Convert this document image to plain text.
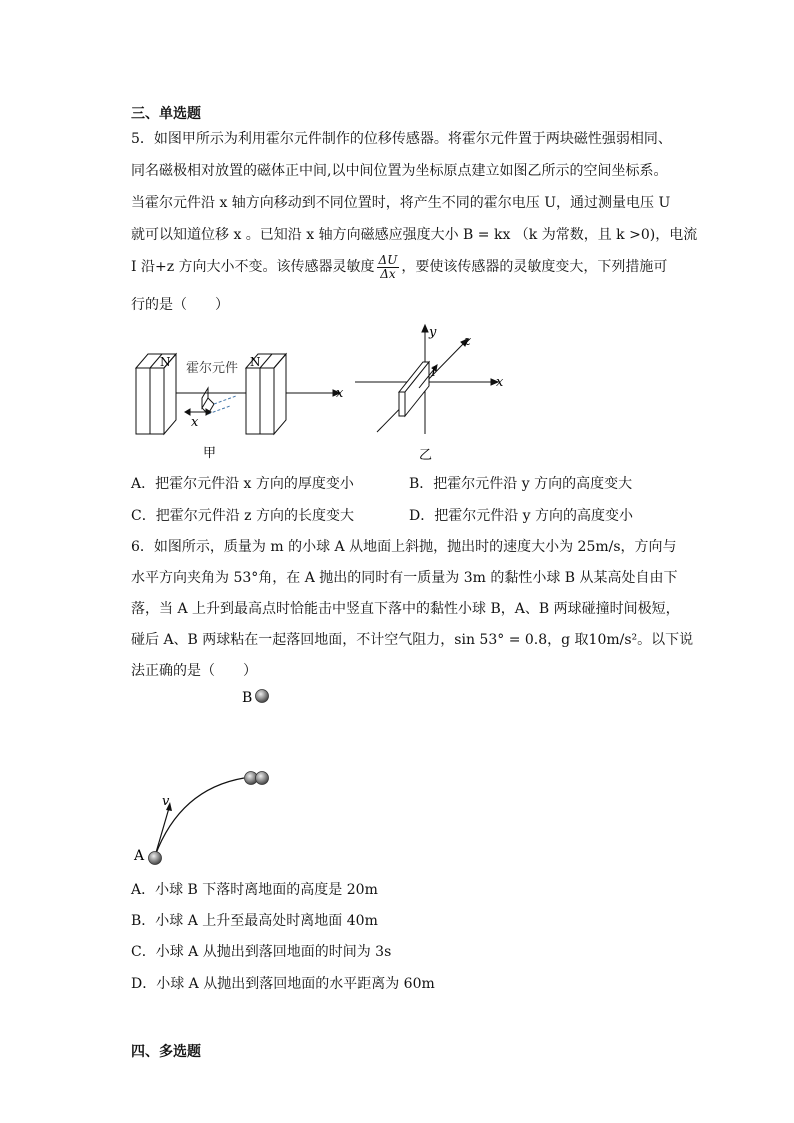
三、单选题
5．如图甲所示为利用霍尔元件制作的位移传感器。将霍尔元件置于两块磁性强弱相同、
同名磁极相对放置的磁体正中间,以中间位置为坐标原点建立如图乙所示的空间坐标系。
当霍尔元件沿 x 轴方向移动到不同位置时，将产生不同的霍尔电压 U，通过测量电压 U
就可以知道位移 x 。已知沿 x 轴方向磁感应强度大小 B = kx （k 为常数，且 k >0)，电流
I 沿+z 方向大小不变。该传感器灵敏度 $\frac{\Delta U}{\Delta x}$ ，要使该传感器的灵敏度变大，下列措施可
行的是（　　）
N	N
霍尔元件
x
x
甲
y
z
x
I
乙
A．把霍尔元件沿 x 方向的厚度变小	B．把霍尔元件沿 y 方向的高度变大
C．把霍尔元件沿 z 方向的长度变大	D．把霍尔元件沿 y 方向的高度变小
6．如图所示，质量为 m 的小球 A 从地面上斜抛，抛出时的速度大小为 25m/s，方向与
水平方向夹角为 53°角，在 A 抛出的同时有一质量为 3m 的黏性小球 B 从某高处自由下
落，当 A 上升到最高点时恰能击中竖直下落中的黏性小球 B，A、B 两球碰撞时间极短，
碰后 A、B 两球粘在一起落回地面，不计空气阻力，sin 53° = 0.8，g 取10m/s²。以下说
法正确的是（　　）
B
A
v
A．小球 B 下落时离地面的高度是 20m
B．小球 A 上升至最高处时离地面 40m
C．小球 A 从抛出到落回地面的时间为 3s
D．小球 A 从抛出到落回地面的水平距离为 60m
四、多选题
